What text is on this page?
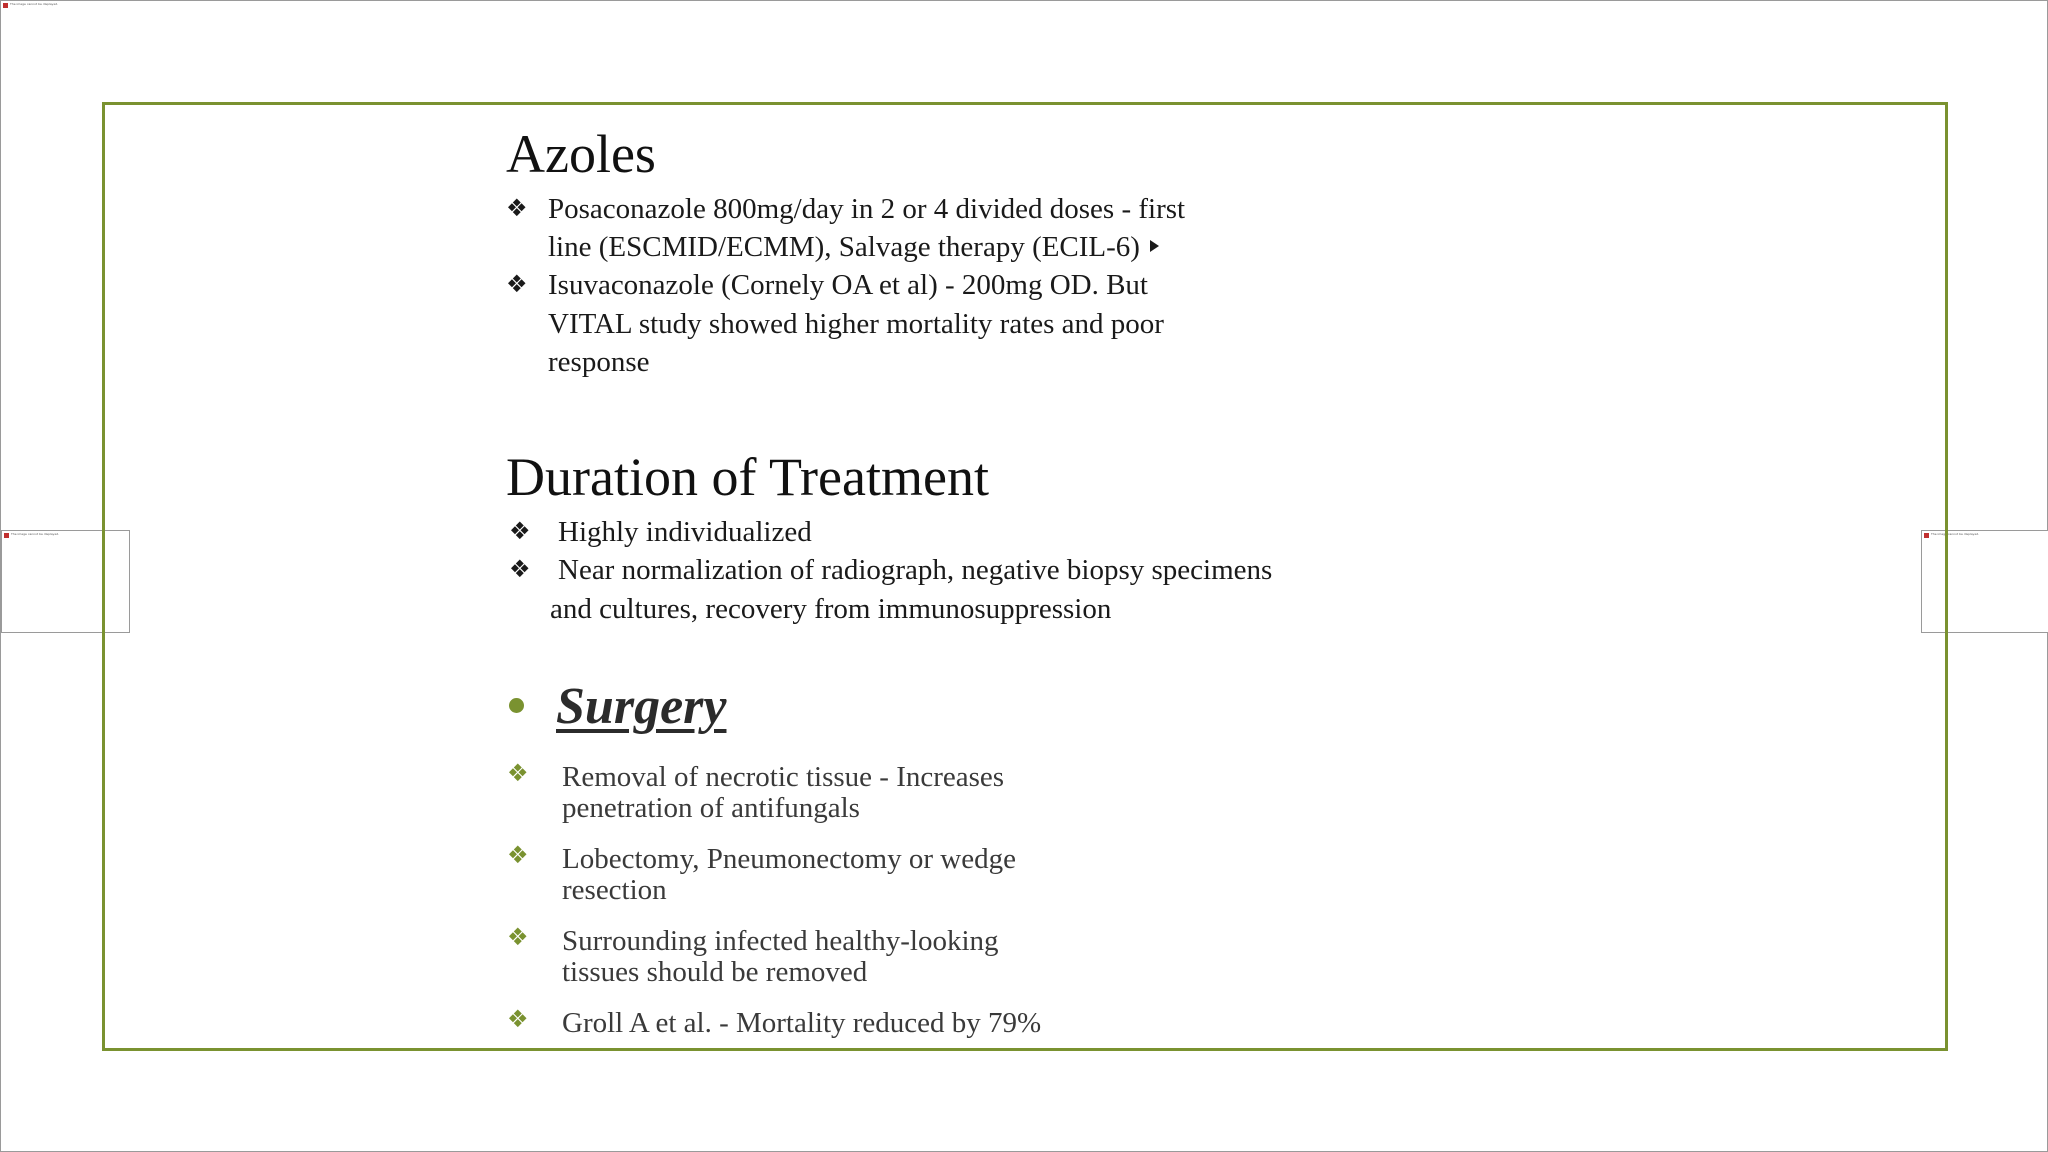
The image cannot be displayed.
The image cannot be displayed.	The image cannot be displayed.
Azoles
❖ Posaconazole 800mg/day in 2 or 4 divided doses - first
line (ESCMID/ECMM), Salvage therapy (ECIL-6)
❖ Isuvaconazole (Cornely OA et al) - 200mg OD. But
VITAL study showed higher mortality rates and poor
response
Duration of Treatment
❖ Highly individualized
❖ Near normalization of radiograph, negative biopsy specimens
and cultures, recovery from immunosuppression
Surgery
❖ Removal of necrotic tissue - Increases
penetration of antifungals
❖ Lobectomy, Pneumonectomy or wedge
resection
❖ Surrounding infected healthy-looking
tissues should be removed
❖ Groll A et al. - Mortality reduced by 79%
